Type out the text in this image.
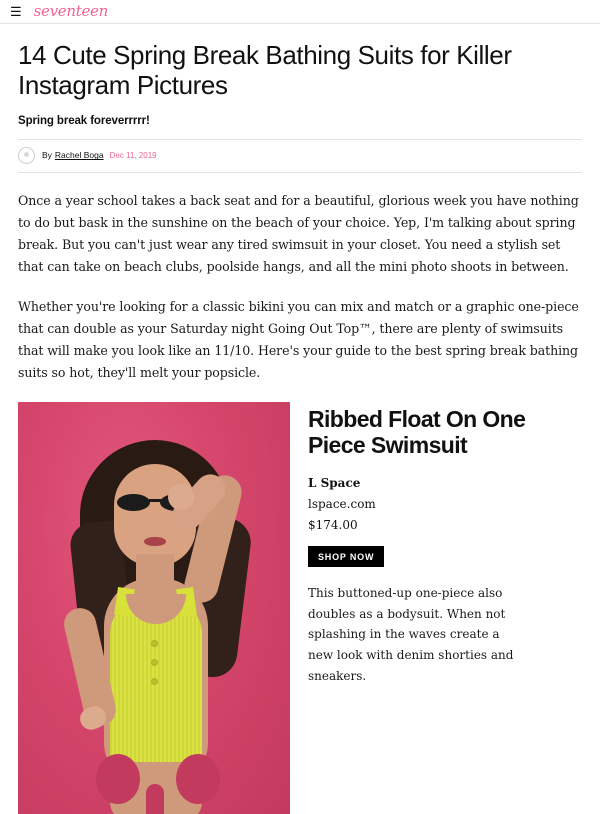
☰ seventeen
14 Cute Spring Break Bathing Suits for Killer Instagram Pictures

Spring break foreverrrrr!

By Rachel Boga Dec 11, 2019

Once a year school takes a back seat and for a beautiful, glorious week you have nothing to do but bask in the sunshine on the beach of your choice. Yep, I'm talking about spring break. But you can't just wear any tired swimsuit in your closet. You need a stylish set that can take on beach clubs, poolside hangs, and all the mini photo shoots in between.

Whether you're looking for a classic bikini you can mix and match or a graphic one-piece that can double as your Saturday night Going Out Top™, there are plenty of swimsuits that will make you look like an 11/10. Here's your guide to the best spring break bathing suits so hot, they'll melt your popsicle.

Ribbed Float On One Piece Swimsuit

L Space

lspace.com

$174.00

SHOP NOW

This buttoned-up one-piece also doubles as a bodysuit. When not splashing in the waves create a new look with denim shorties and sneakers.
